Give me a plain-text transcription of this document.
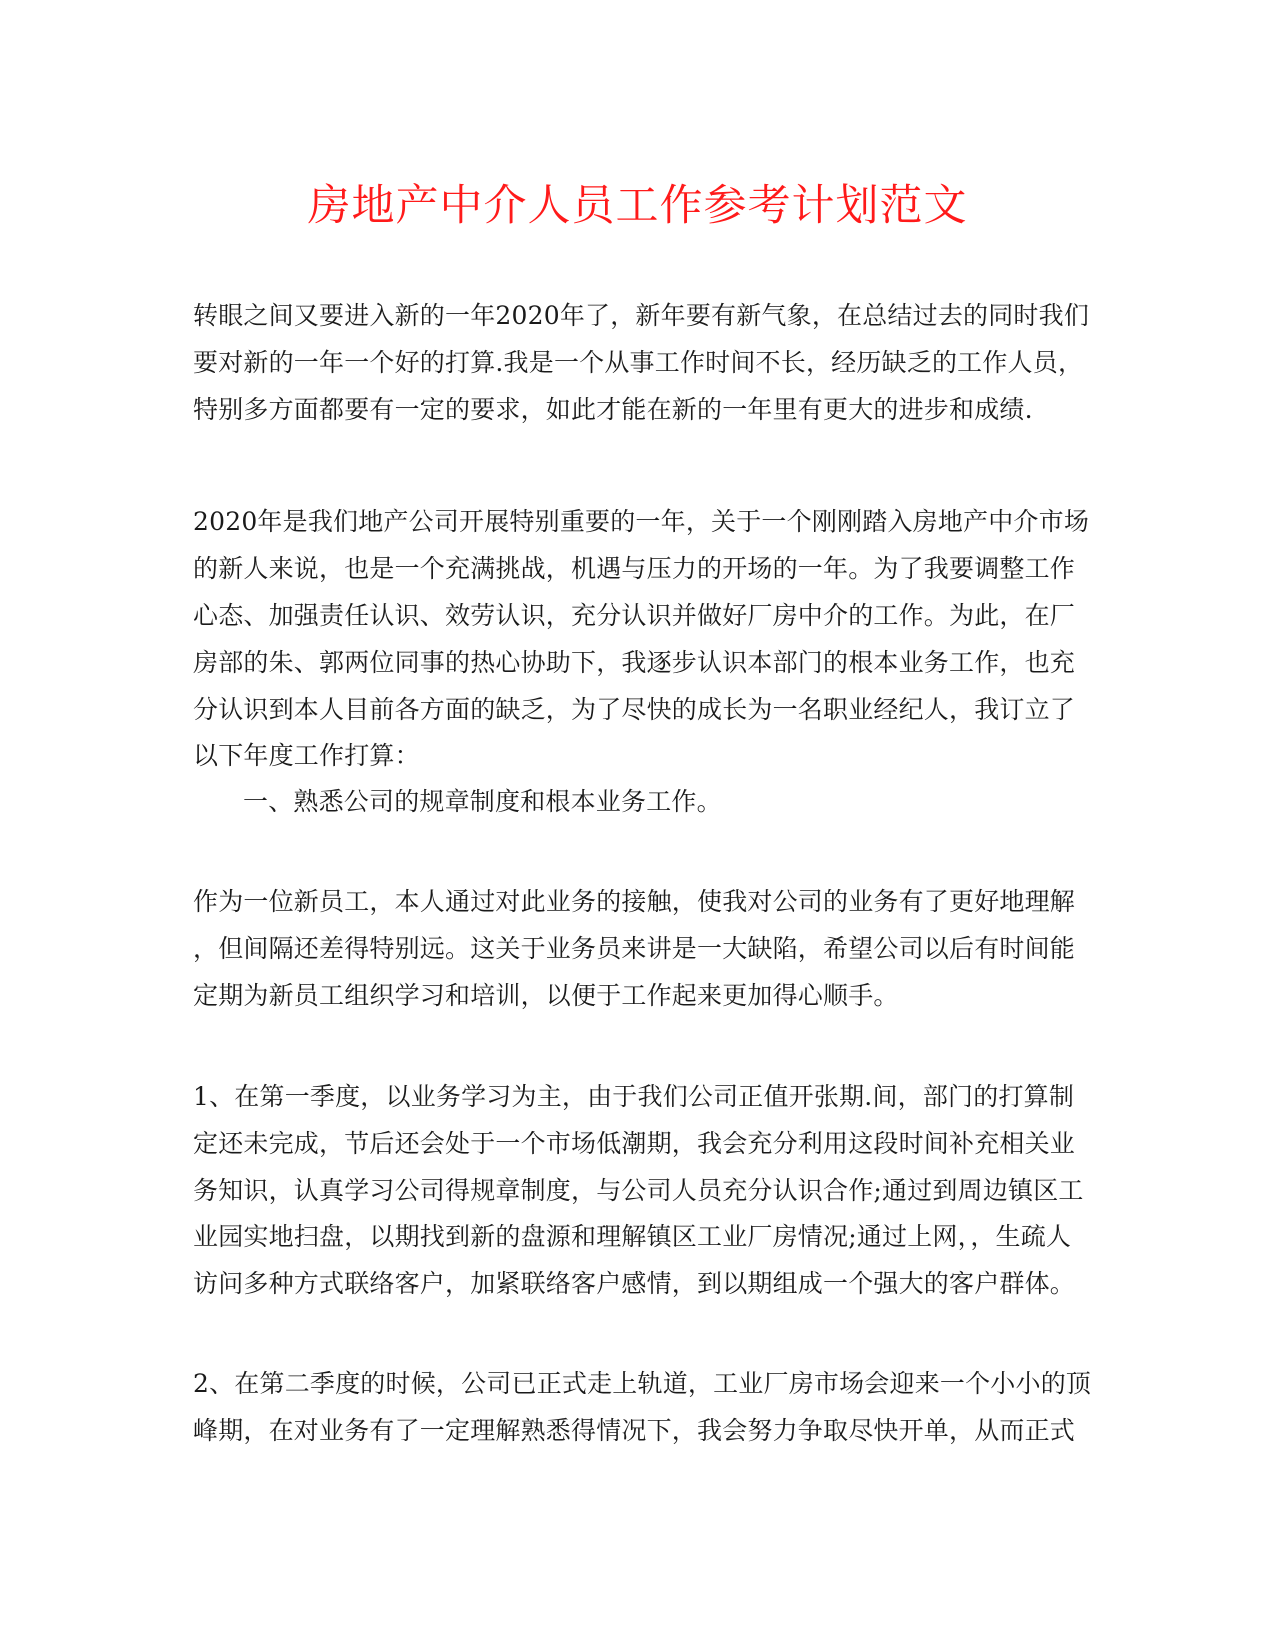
房地产中介人员工作参考计划范文
转眼之间又要进入新的一年2020年了，新年要有新气象，在总结过去的同时我们
要对新的一年一个好的打算.我是一个从事工作时间不长，经历缺乏的工作人员，
特别多方面都要有一定的要求，如此才能在新的一年里有更大的进步和成绩.
2020年是我们地产公司开展特别重要的一年，关于一个刚刚踏入房地产中介市场
的新人来说，也是一个充满挑战，机遇与压力的开场的一年。为了我要调整工作
心态、加强责任认识、效劳认识，充分认识并做好厂房中介的工作。为此，在厂
房部的朱、郭两位同事的热心协助下，我逐步认识本部门的根本业务工作，也充
分认识到本人目前各方面的缺乏，为了尽快的成长为一名职业经纪人，我订立了
以下年度工作打算：
一、熟悉公司的规章制度和根本业务工作。
作为一位新员工，本人通过对此业务的接触，使我对公司的业务有了更好地理解
，但间隔还差得特别远。这关于业务员来讲是一大缺陷，希望公司以后有时间能
定期为新员工组织学习和培训，以便于工作起来更加得心顺手。
1、在第一季度，以业务学习为主，由于我们公司正值开张期.间，部门的打算制
定还未完成，节后还会处于一个市场低潮期，我会充分利用这段时间补充相关业
务知识，认真学习公司得规章制度，与公司人员充分认识合作;通过到周边镇区工
业园实地扫盘，以期找到新的盘源和理解镇区工业厂房情况;通过上网，，生疏人
访问多种方式联络客户，加紧联络客户感情，到以期组成一个强大的客户群体。
2、在第二季度的时候，公司已正式走上轨道，工业厂房市场会迎来一个小小的顶
峰期，在对业务有了一定理解熟悉得情况下，我会努力争取尽快开单，从而正式
